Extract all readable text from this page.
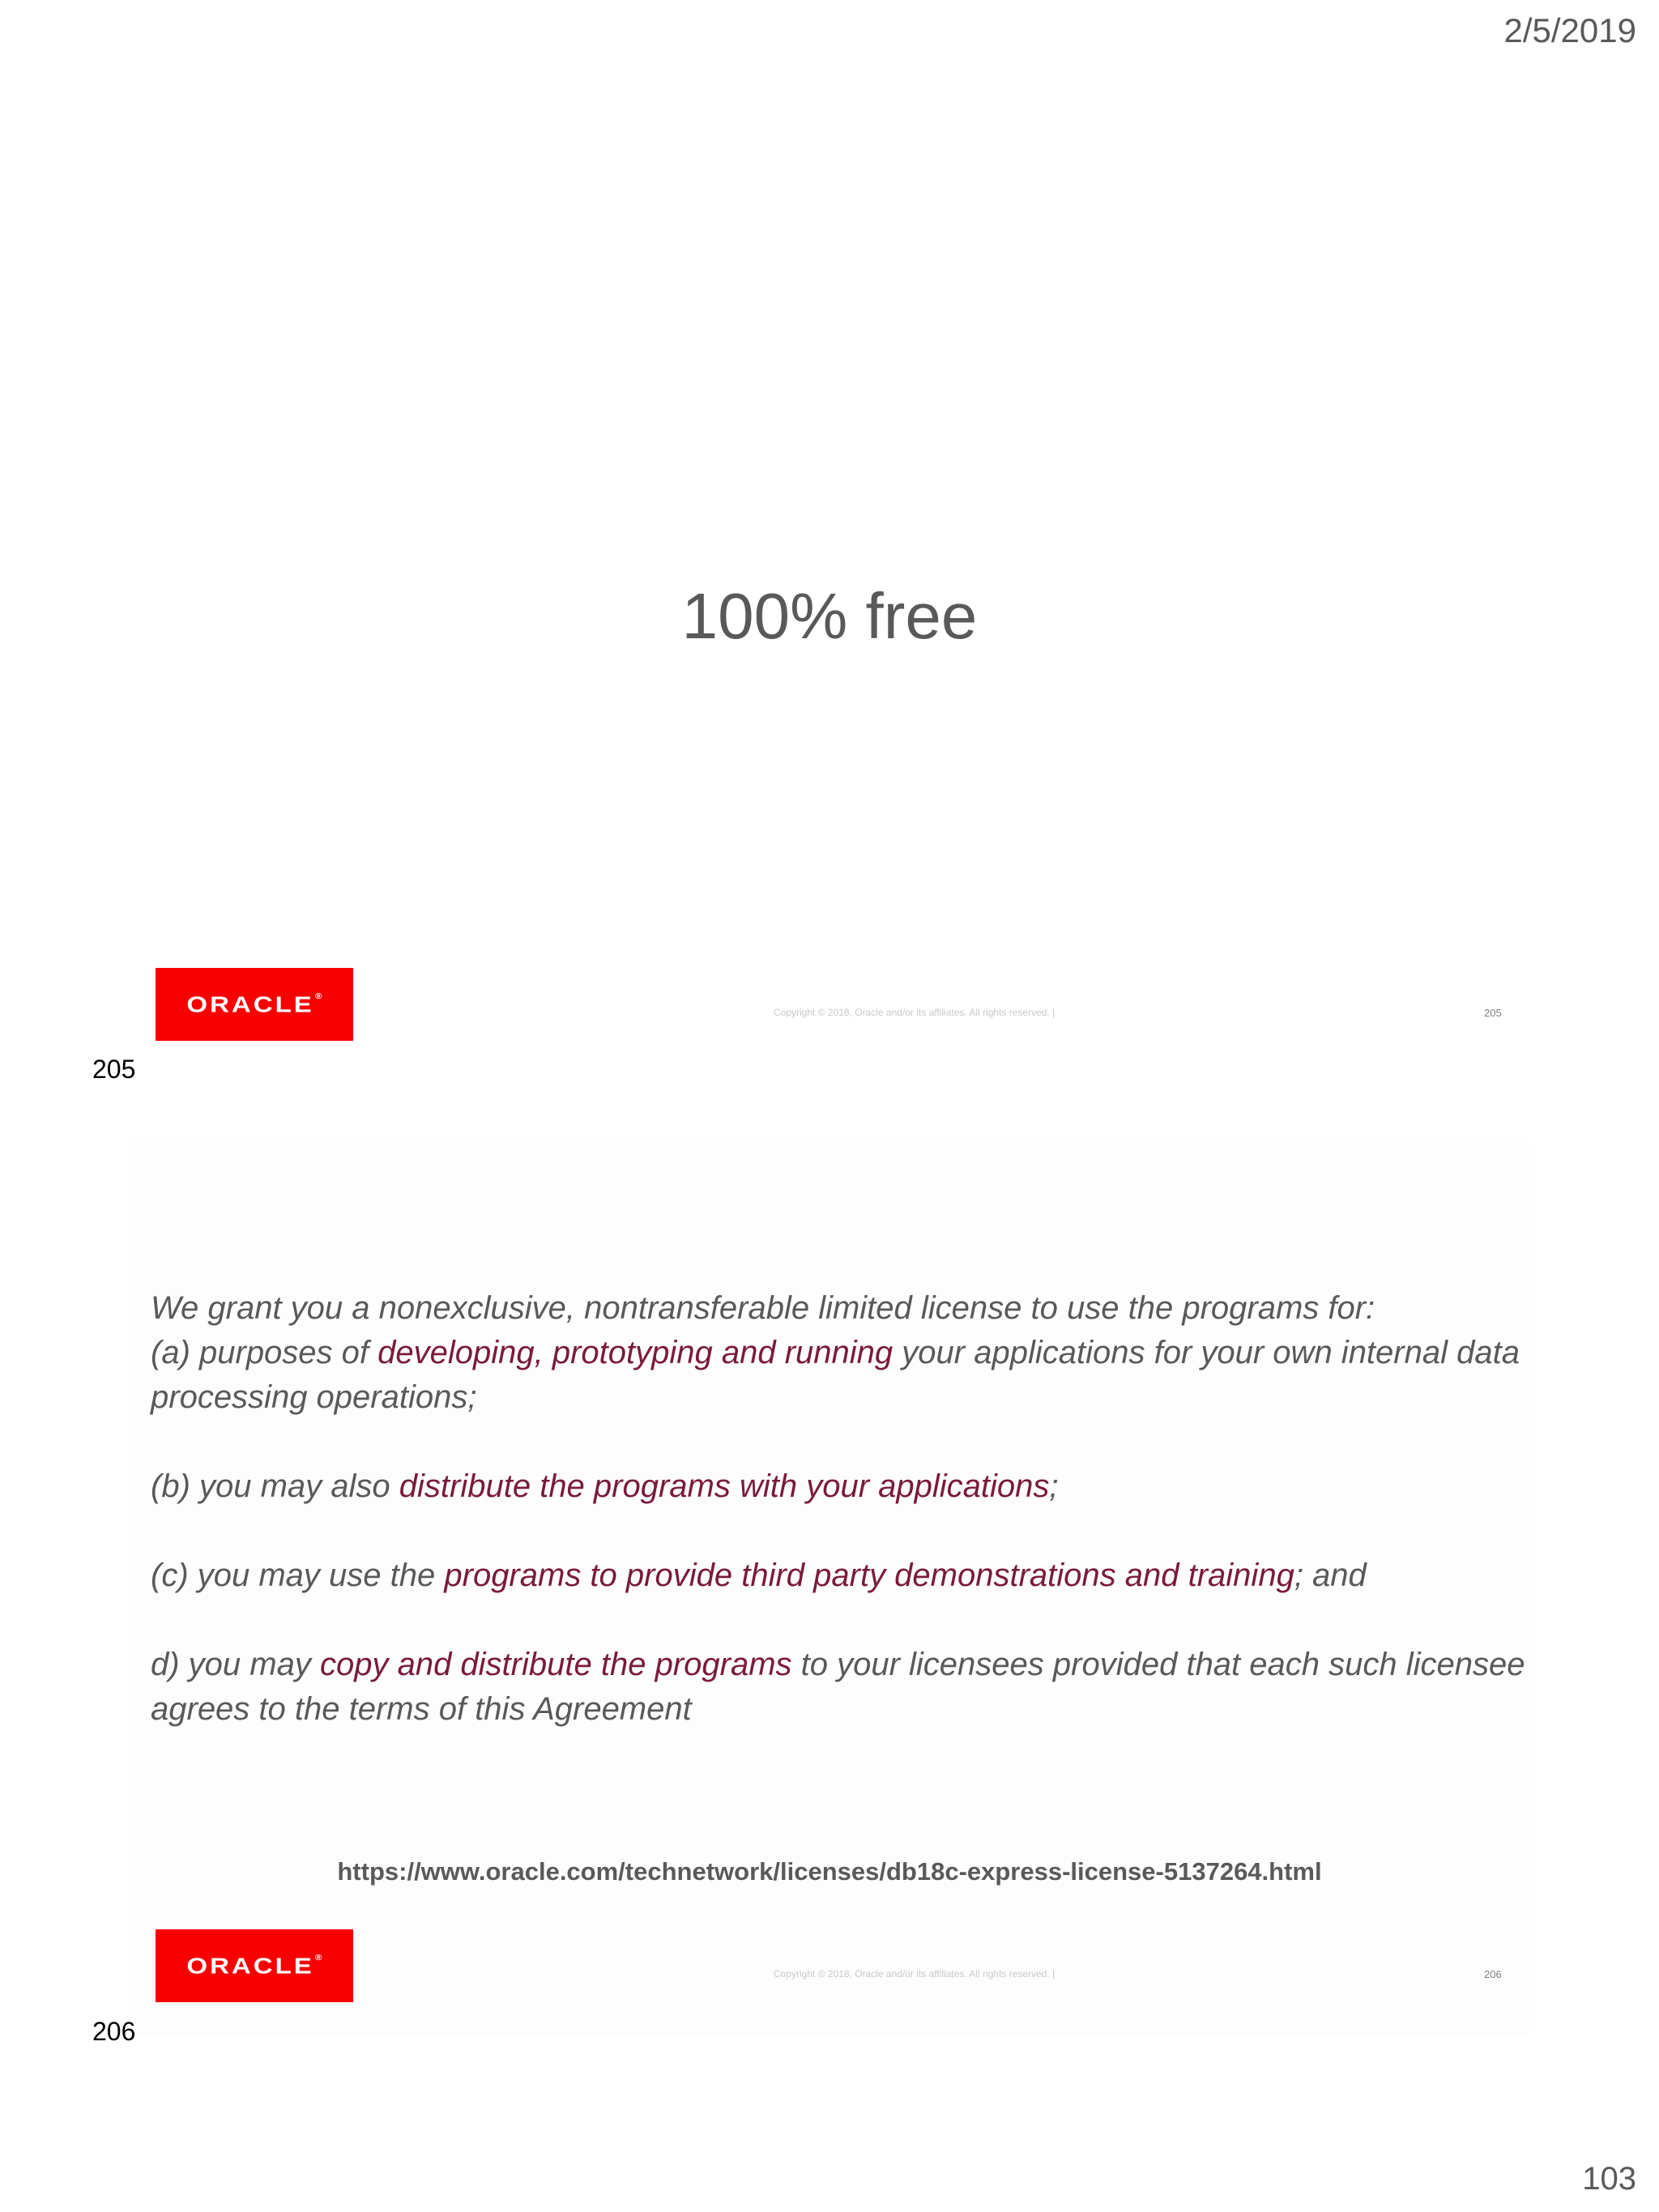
2/5/2019
100% free
ORACLE®
Copyright © 2018, Oracle and/or its affiliates. All rights reserved. |	205
205

We grant you a nonexclusive, nontransferable limited license to use the programs for:

(a) purposes of developing, prototyping and running your applications for your own internal data processing operations;

(b) you may also distribute the programs with your applications;

(c) you may use the programs to provide third party demonstrations and training; and

d) you may copy and distribute the programs to your licensees provided that each such licensee agrees to the terms of this Agreement

https://www.oracle.com/technetwork/licenses/db18c-express-license-5137264.html
ORACLE®
Copyright © 2018, Oracle and/or its affiliates. All rights reserved. |	206
206
103
